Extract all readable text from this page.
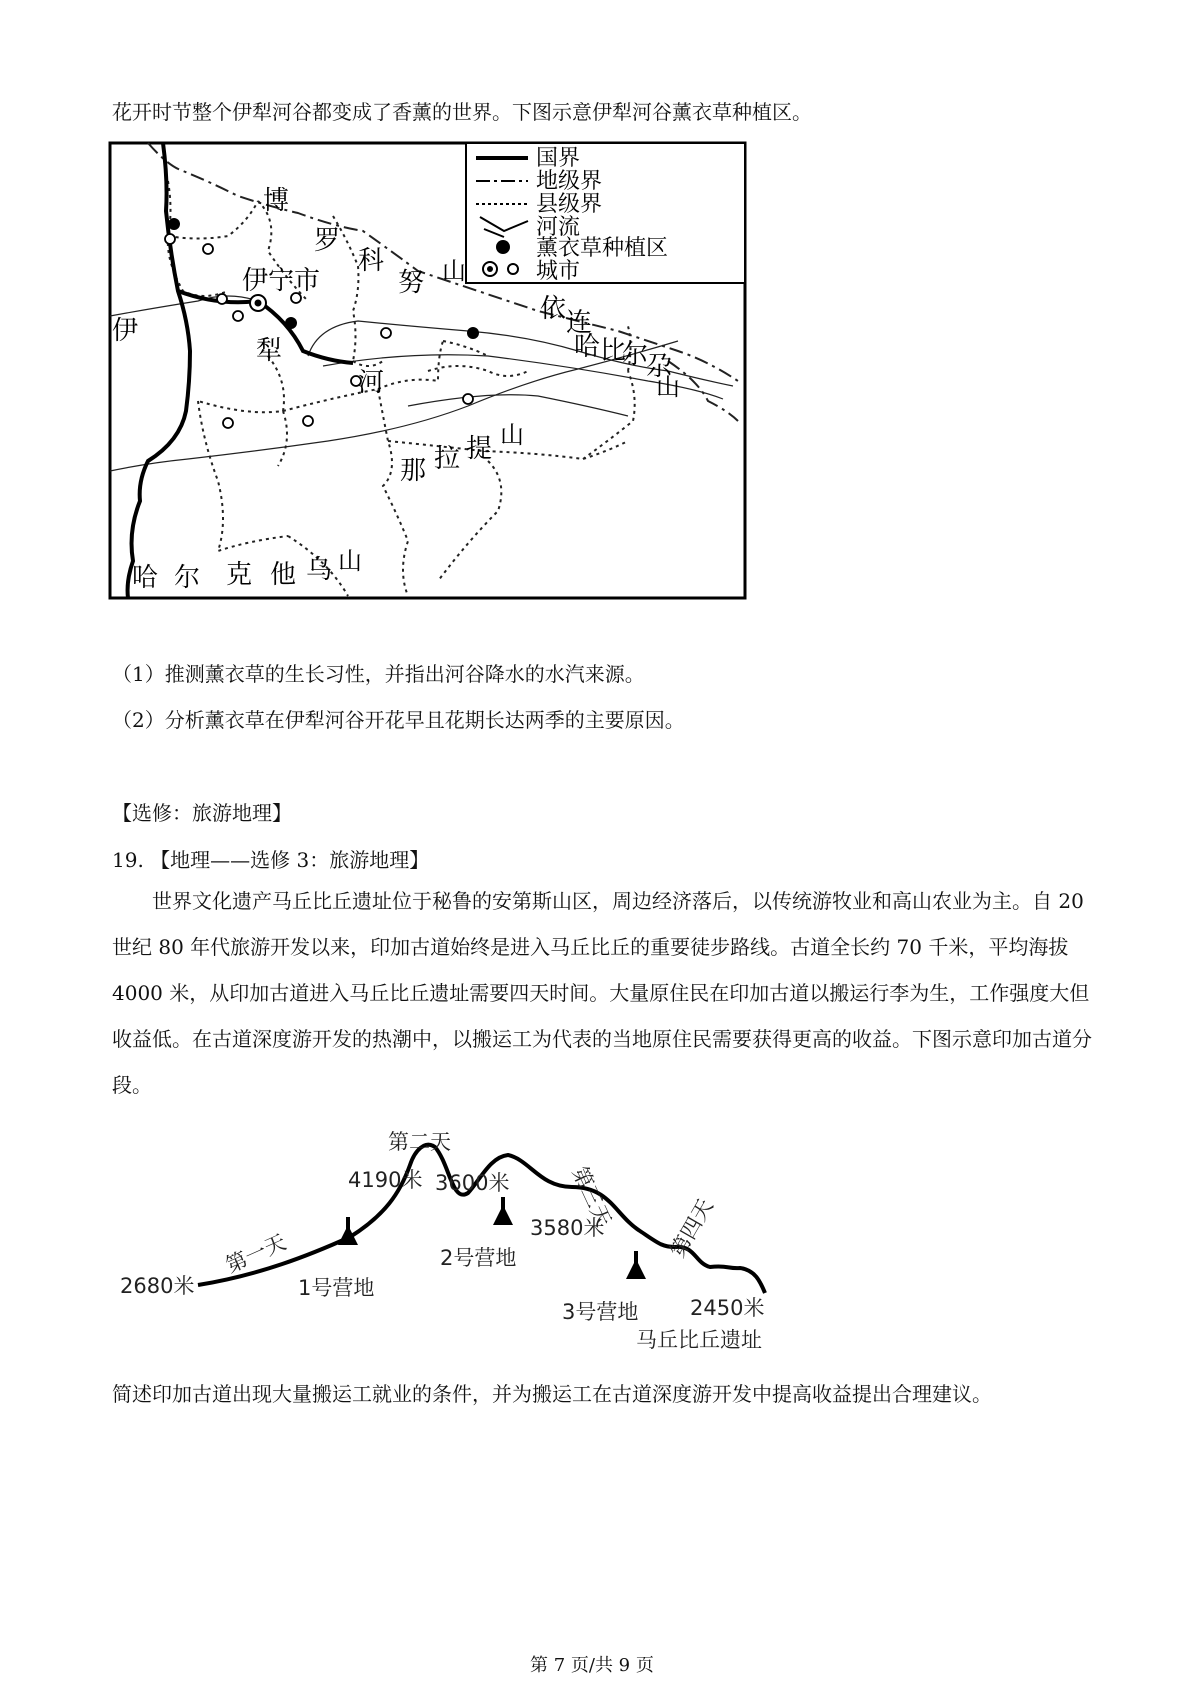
花开时节整个伊犁河谷都变成了香薰的世界。下图示意伊犁河谷薰衣草种植区。
国界
地级界
县级界
河流
薰衣草种植区
城市
博
罗
科
努 山
依 连
哈 比
尔
尕
山
伊宁市
犁
河
伊
那 拉 提 山
哈 尔 克 他 乌 山
（1）推测薰衣草的生长习性，并指出河谷降水的水汽来源。
（2）分析薰衣草在伊犁河谷开花早且花期长达两季的主要原因。
【选修：旅游地理】
19. 【地理——选修 3：旅游地理】
世界文化遗产马丘比丘遗址位于秘鲁的安第斯山区，周边经济落后，以传统游牧业和高山农业为主。自 20 世纪 80 年代旅游开发以来，印加古道始终是进入马丘比丘的重要徒步路线。古道全长约 70 千米，平均海拔 4000 米，从印加古道进入马丘比丘遗址需要四天时间。大量原住民在印加古道以搬运行李为生，工作强度大但收益低。在古道深度游开发的热潮中，以搬运工为代表的当地原住民需要获得更高的收益。下图示意印加古道分段。
2680米
4190米 3600米
3580米
2450米
第二天
第一天
第三天 第四天
1号营地
2号营地
3号营地
马丘比丘遗址
简述印加古道出现大量搬运工就业的条件，并为搬运工在古道深度游开发中提高收益提出合理建议。
第 7 页/共 9 页
